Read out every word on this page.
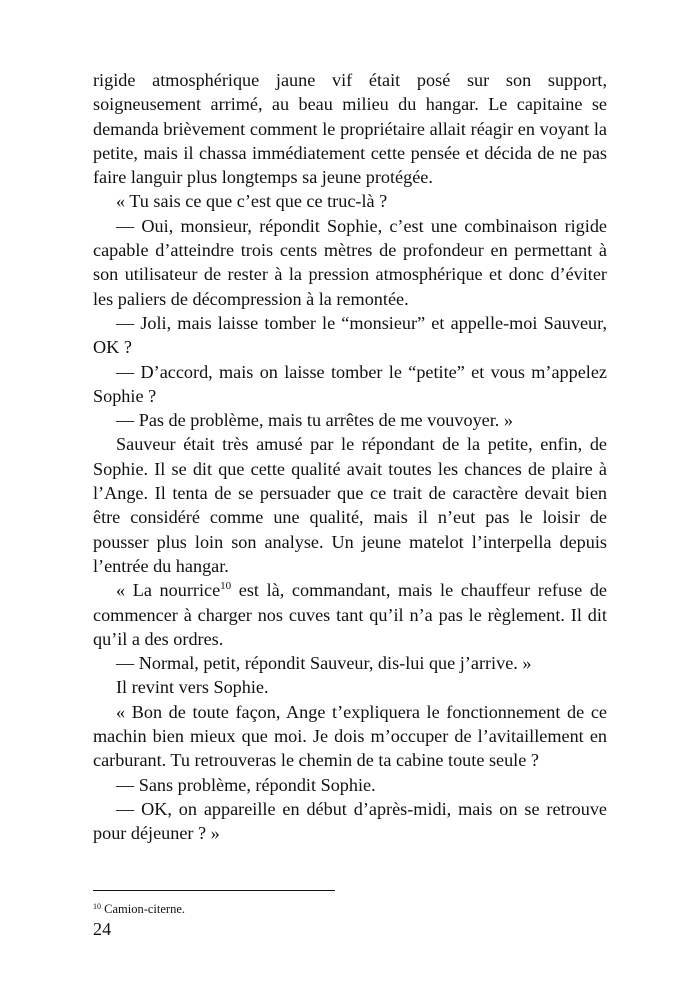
rigide atmosphérique jaune vif était posé sur son support, soigneusement arrimé, au beau milieu du hangar. Le capitaine se demanda brièvement comment le propriétaire allait réagir en voyant la petite, mais il chassa immédiatement cette pensée et décida de ne pas faire languir plus longtemps sa jeune protégée.

« Tu sais ce que c’est que ce truc-là ?

— Oui, monsieur, répondit Sophie, c’est une combinaison rigide capable d’atteindre trois cents mètres de profondeur en permettant à son utilisateur de rester à la pression atmosphérique et donc d’éviter les paliers de décompression à la remontée.

— Joli, mais laisse tomber le “monsieur” et appelle-moi Sauveur, OK ?

— D’accord, mais on laisse tomber le “petite” et vous m’appelez Sophie ?

— Pas de problème, mais tu arrêtes de me vouvoyer. »

Sauveur était très amusé par le répondant de la petite, enfin, de Sophie. Il se dit que cette qualité avait toutes les chances de plaire à l’Ange. Il tenta de se persuader que ce trait de caractère devait bien être considéré comme une qualité, mais il n’eut pas le loisir de pousser plus loin son analyse. Un jeune matelot l’interpella depuis l’entrée du hangar.

« La nourrice$^{10}$ est là, commandant, mais le chauffeur refuse de commencer à charger nos cuves tant qu’il n’a pas le règlement. Il dit qu’il a des ordres.

— Normal, petit, répondit Sauveur, dis-lui que j’arrive. »

Il revint vers Sophie.

« Bon de toute façon, Ange t’expliquera le fonctionnement de ce machin bien mieux que moi. Je dois m’occuper de l’avitaillement en carburant. Tu retrouveras le chemin de ta cabine toute seule ?

— Sans problème, répondit Sophie.

— OK, on appareille en début d’après-midi, mais on se retrouve pour déjeuner ? »

$^{10}$ Camion-citerne.
24
